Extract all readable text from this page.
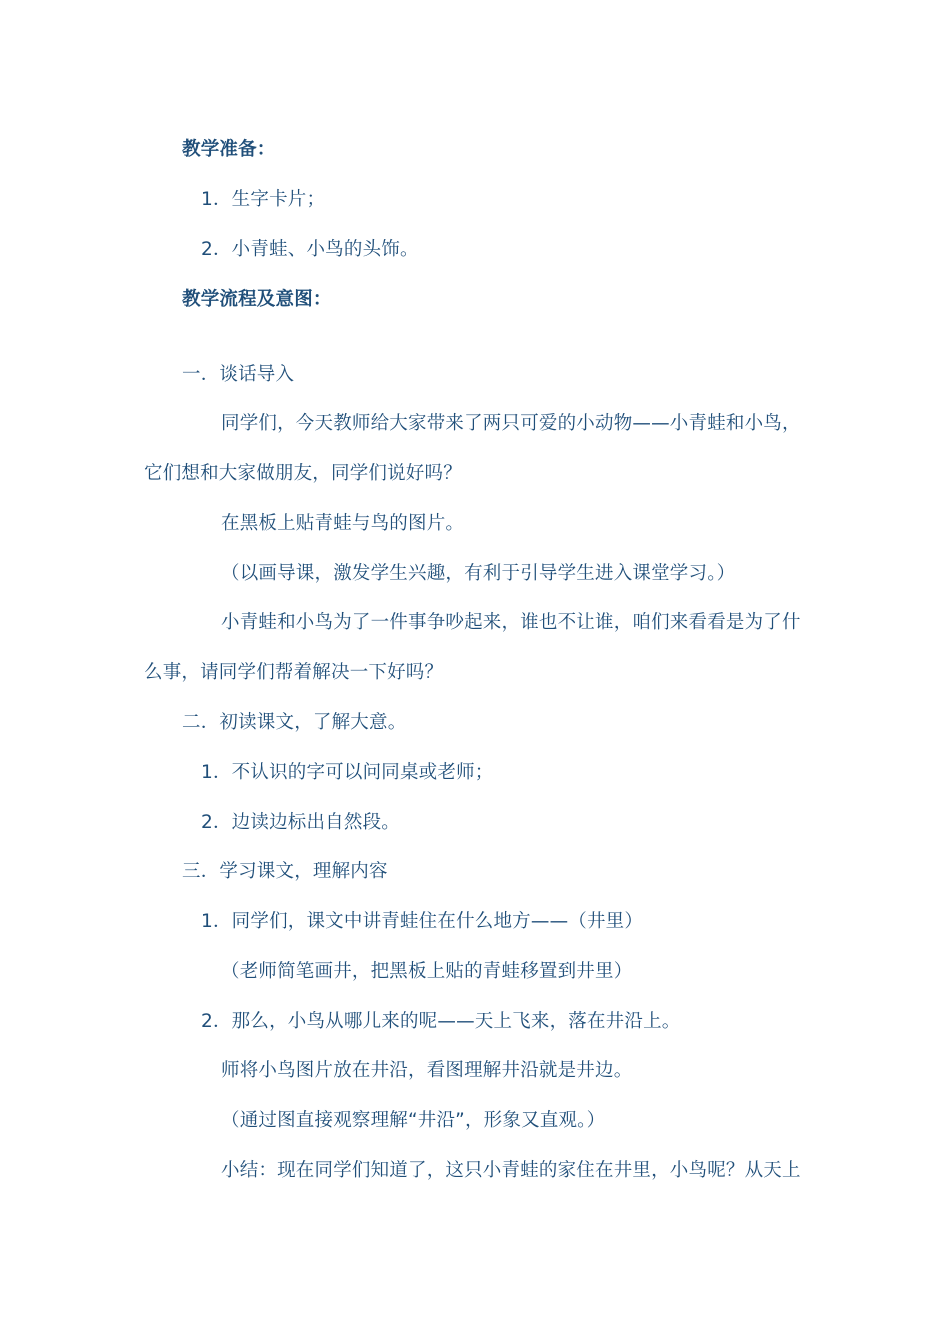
教学准备：
1．生字卡片；
2．小青蛙、小鸟的头饰。
教学流程及意图：
一．谈话导入
同学们，今天教师给大家带来了两只可爱的小动物——小青蛙和小鸟，
它们想和大家做朋友，同学们说好吗？
在黑板上贴青蛙与鸟的图片。
（以画导课，激发学生兴趣，有利于引导学生进入课堂学习。）
小青蛙和小鸟为了一件事争吵起来，谁也不让谁，咱们来看看是为了什
么事，请同学们帮着解决一下好吗？
二．初读课文，了解大意。
1．不认识的字可以问同桌或老师；
2．边读边标出自然段。
三．学习课文，理解内容
1．同学们，课文中讲青蛙住在什么地方——（井里）
（老师简笔画井，把黑板上贴的青蛙移置到井里）
2．那么，小鸟从哪儿来的呢——天上飞来，落在井沿上。
师将小鸟图片放在井沿，看图理解井沿就是井边。
（通过图直接观察理解“井沿”，形象又直观。）
小结：现在同学们知道了，这只小青蛙的家住在井里，小鸟呢？从天上
